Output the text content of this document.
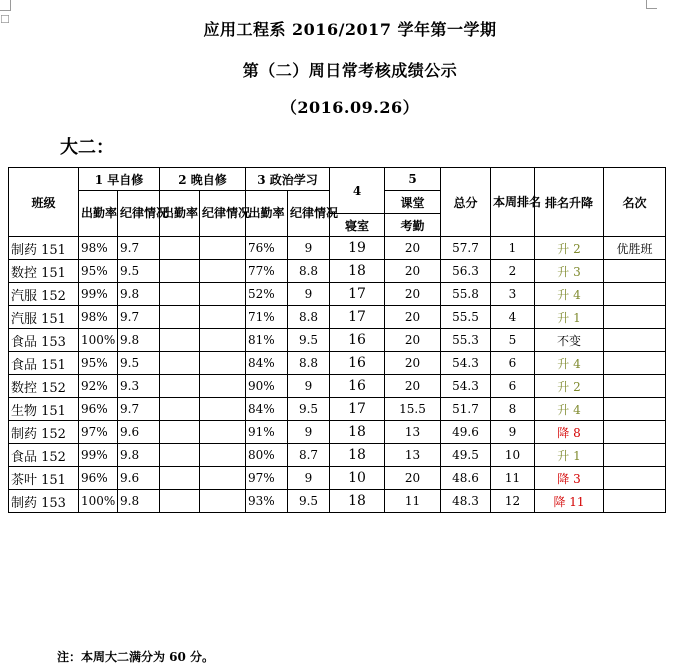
☐
应用工程系 2016/2017 学年第一学期
第（二）周日常考核成绩公示
（2016.09.26）
大二：
班级	1 早自修		2 晚自修		3 政治学习		4	5	总分	本周排名	排名升降	名次
	出勤率	纪律情况	出勤率	纪律情况	出勤率	纪律情况		课堂				
							寝室	考勤				
制药 151	98%	9.7			76%	9	19	20	57.7	1	升 2	优胜班
数控 151	95%	9.5			77%	8.8	18	20	56.3	2	升 3	
汽服 152	99%	9.8			52%	9	17	20	55.8	3	升 4	
汽服 151	98%	9.7			71%	8.8	17	20	55.5	4	升 1	
食品 153	100%	9.8			81%	9.5	16	20	55.3	5	不变	
食品 151	95%	9.5			84%	8.8	16	20	54.3	6	升 4	
数控 152	92%	9.3			90%	9	16	20	54.3	6	升 2	
生物 151	96%	9.7			84%	9.5	17	15.5	51.7	8	升 4	
制药 152	97%	9.6			91%	9	18	13	49.6	9	降 8	
食品 152	99%	9.8			80%	8.7	18	13	49.5	10	升 1	
茶叶 151	96%	9.6			97%	9	10	20	48.6	11	降 3	
制药 153	100%	9.8			93%	9.5	18	11	48.3	12	降 11	
注：本周大二满分为 60 分。
